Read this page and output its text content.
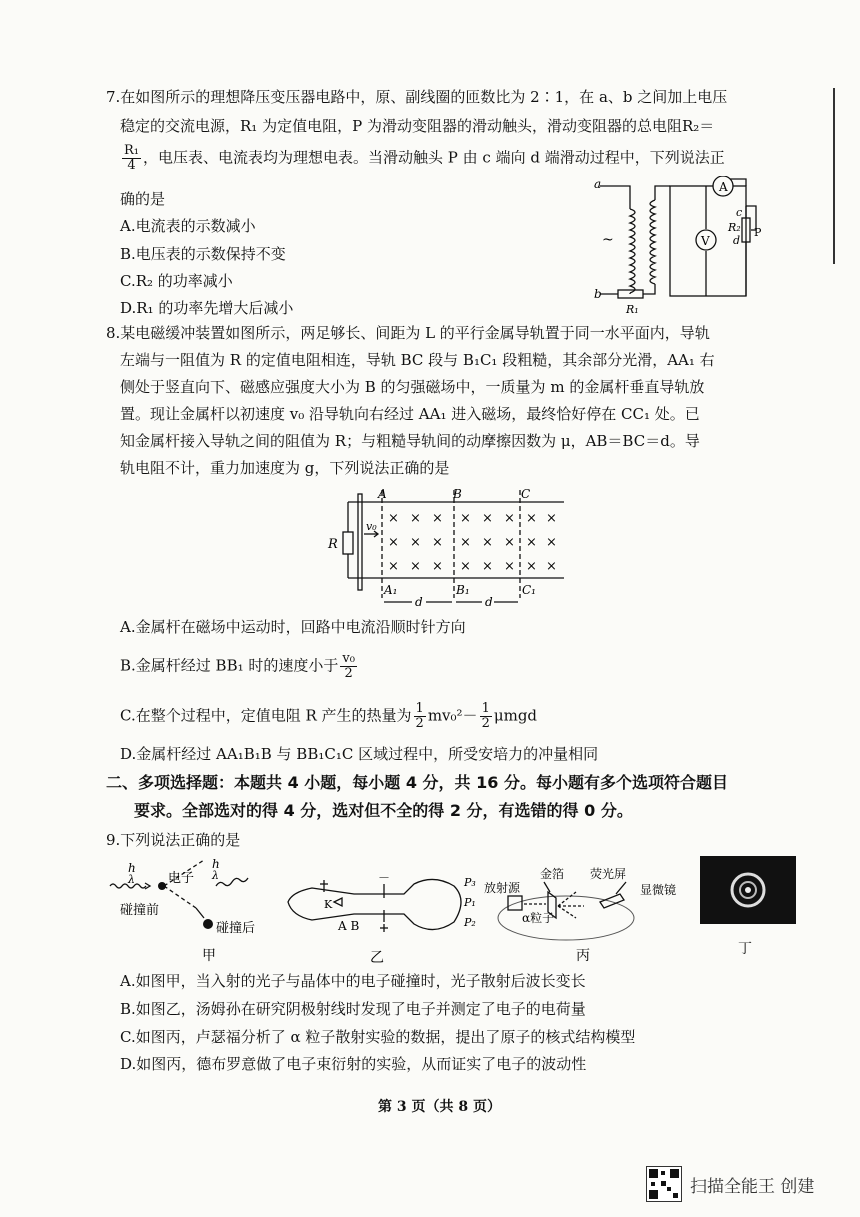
7.在如图所示的理想降压变压器电路中，原、副线圈的匝数比为 2∶1，在 a、b 之间加上电压
稳定的交流电源，R₁ 为定值电阻，P 为滑动变阻器的滑动触头，滑动变阻器的总电阻R₂＝
$\frac{\text{R₁}}{4}$ ，电压表、电流表均为理想电表。当滑动触头 P 由 c 端向 d 端滑动过程中，下列说法正
确的是
A.电流表的示数减小
B.电压表的示数保持不变
C.R₂ 的功率减小
D.R₁ 的功率先增大后减小
A
V
a
b
~
c
R₂
d
P
R₁
8.某电磁缓冲装置如图所示，两足够长、间距为 L 的平行金属导轨置于同一水平面内，导轨
左端与一阻值为 R 的定值电阻相连，导轨 BC 段与 B₁C₁ 段粗糙，其余部分光滑，AA₁ 右
侧处于竖直向下、磁感应强度大小为 B 的匀强磁场中，一质量为 m 的金属杆垂直导轨放
置。现让金属杆以初速度 v₀ 沿导轨向右经过 AA₁ 进入磁场，最终恰好停在 CC₁ 处。已
知金属杆接入导轨之间的阻值为 R；与粗糙导轨间的动摩擦因数为 μ，AB＝BC＝d。导
轨电阻不计，重力加速度为 g，下列说法正确的是
A	B	C
A₁	B₁	C₁
R
v₀
d	d
× × × × × × × ×
× × × × × × × ×
× × × × × × × ×
A.金属杆在磁场中运动时，回路中电流沿顺时针方向
B.金属杆经过 BB₁ 时的速度小于 $\frac{\text{v₀}}{2}$
C.在整个过程中，定值电阻 R 产生的热量为 $\frac{1}{2} mv_0^2- \frac{1}{2}$ μmgd
D.金属杆经过 AA₁B₁B 与 BB₁C₁C 区域过程中，所受安培力的冲量相同
二、多项选择题：本题共 4 小题，每小题 4 分，共 16 分。每小题有多个选项符合题目
要求。全部选对的得 4 分，选对但不全的得 2 分，有选错的得 0 分。
9.下列说法正确的是
h
λ
h
λ
电子
碰撞前
碰撞后
甲
K
A B
－	P₃
P₁
P₂
乙
放射源
金箔 荧光屏
α粒子
显微镜
丙	丁
A.如图甲，当入射的光子与晶体中的电子碰撞时，光子散射后波长变长
B.如图乙，汤姆孙在研究阴极射线时发现了电子并测定了电子的电荷量
C.如图丙，卢瑟福分析了 α 粒子散射实验的数据，提出了原子的核式结构模型
D.如图丙，德布罗意做了电子束衍射的实验，从而证实了电子的波动性
第 3 页（共 8 页）
扫描全能王 创建
